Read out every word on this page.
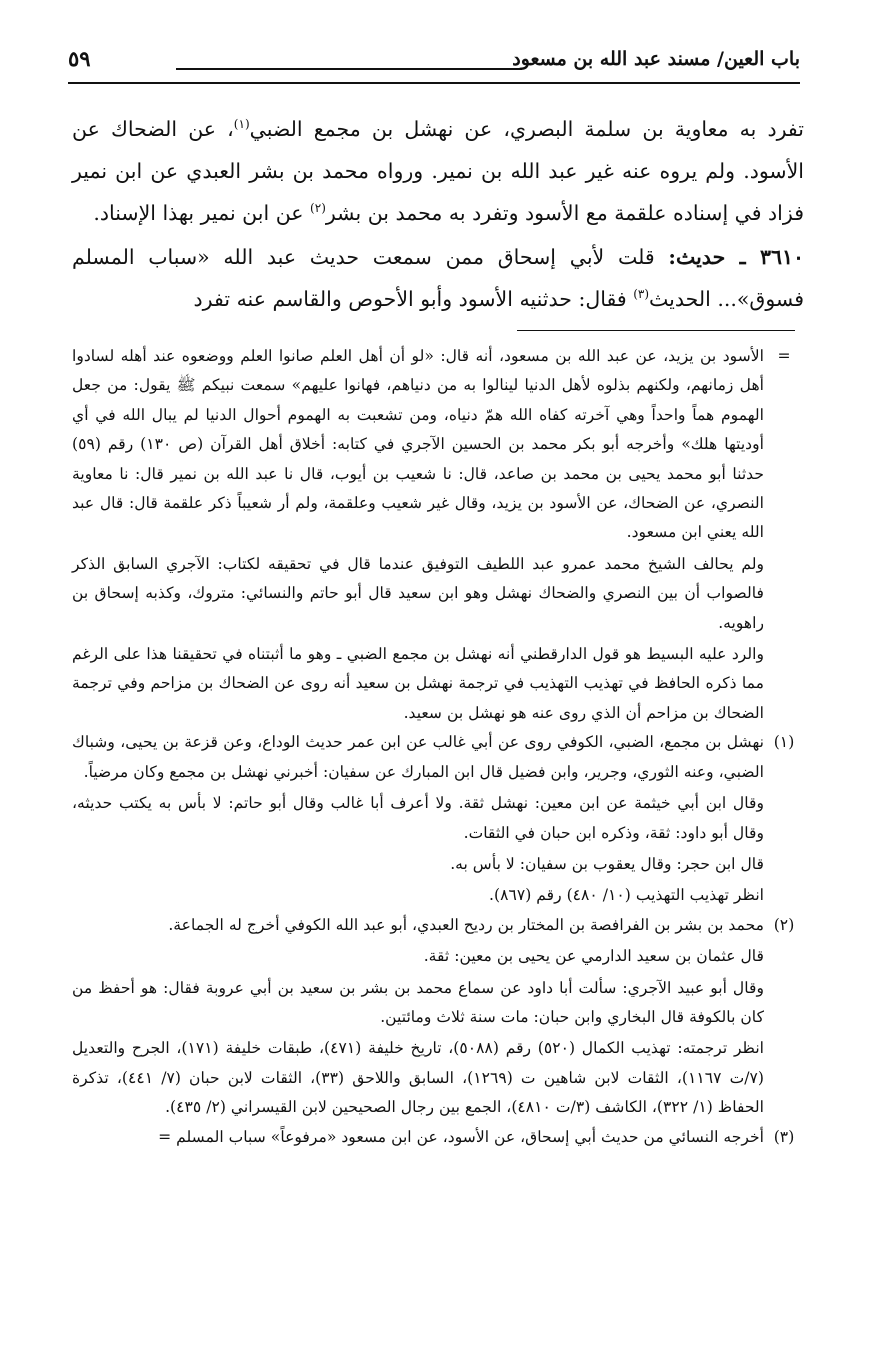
باب العين/ مسند عبد الله بن مسعود
٥٩

تفرد به معاوية بن سلمة البصري، عن نهشل بن مجمع الضبي$^{(١)}$، عن الضحاك عن الأسود. ولم يروه عنه غير عبد الله بن نمير. ورواه محمد بن بشر العبدي عن ابن نمير فزاد في إسناده علقمة مع الأسود وتفرد به محمد بن بشر$^{(٢)}$ عن ابن نمير بهذا الإسناد.

٣٦١٠ ـ حديث: قلت لأبي إسحاق ممن سمعت حديث عبد الله «سباب المسلم فسوق»... الحديث$^{(٣)}$ فقال: حدثنيه الأسود وأبو الأحوص والقاسم عنه تفرد

=

الأسود بن يزيد، عن عبد الله بن مسعود، أنه قال: «لو أن أهل العلم صانوا العلم ووضعوه عند أهله لسادوا أهل زمانهم، ولكنهم بذلوه لأهل الدنيا لينالوا به من دنياهم، فهانوا عليهم» سمعت نبيكم ﷺ يقول: من جعل الهموم هماً واحداً وهي آخرته كفاه الله همّ دنياه، ومن تشعبت به الهموم أحوال الدنيا لم يبال الله في أي أوديتها هلك» وأخرجه أبو بكر محمد بن الحسين الآجري في كتابه: أخلاق أهل القرآن (ص ١٣٠) رقم (٥٩) حدثنا أبو محمد يحيى بن محمد بن صاعد، قال: نا شعيب بن أيوب، قال نا عبد الله بن نمير قال: نا معاوية النصري، عن الضحاك، عن الأسود بن يزيد، وقال غير شعيب وعلقمة، ولم أر شعيباً ذكر علقمة قال: قال عبد الله يعني ابن مسعود.

ولم يحالف الشيخ محمد عمرو عبد اللطيف التوفيق عندما قال في تحقيقه لكتاب: الآجري السابق الذكر فالصواب أن بين النصري والضحاك نهشل وهو ابن سعيد قال أبو حاتم والنسائي: متروك، وكذبه إسحاق بن راهويه.

والرد عليه البسيط هو قول الدارقطني أنه نهشل بن مجمع الضبي ـ وهو ما أثبتناه في تحقيقنا هذا على الرغم مما ذكره الحافظ في تهذيب التهذيب في ترجمة نهشل بن سعيد أنه روى عن الضحاك بن مزاحم وفي ترجمة الضحاك بن مزاحم أن الذي روى عنه هو نهشل بن سعيد.

(١)

نهشل بن مجمع، الضبي، الكوفي روى عن أبي غالب عن ابن عمر حديث الوداع، وعن قزعة بن يحيى، وشباك الضبي، وعنه الثوري، وجرير، وابن فضيل قال ابن المبارك عن سفيان: أخبرني نهشل بن مجمع وكان مرضياً.

وقال ابن أبي خيثمة عن ابن معين: نهشل ثقة. ولا أعرف أبا غالب وقال أبو حاتم: لا بأس به يكتب حديثه، وقال أبو داود: ثقة، وذكره ابن حبان في الثقات.

قال ابن حجر: وقال يعقوب بن سفيان: لا بأس به.

انظر تهذيب التهذيب (١٠/ ٤٨٠) رقم (٨٦٧).

(٢)

محمد بن بشر بن الفرافصة بن المختار بن رديح العبدي، أبو عبد الله الكوفي أخرج له الجماعة.

قال عثمان بن سعيد الدارمي عن يحيى بن معين: ثقة.

وقال أبو عبيد الآجري: سألت أبا داود عن سماع محمد بن بشر بن سعيد بن أبي عروبة فقال: هو أحفظ من كان بالكوفة قال البخاري وابن حبان: مات سنة ثلاث ومائتين.

انظر ترجمته: تهذيب الكمال (٥٢٠) رقم (٥٠٨٨)، تاريخ خليفة (٤٧١)، طبقات خليفة (١٧١)، الجرح والتعديل (٧/ت ١١٦٧)، الثقات لابن شاهين ت (١٢٦٩)، السابق واللاحق (٣٣)، الثقات لابن حبان (٧/ ٤٤١)، تذكرة الحفاظ (١/ ٣٢٢)، الكاشف (٣/ت ٤٨١٠)، الجمع بين رجال الصحيحين لابن القيسراني (٢/ ٤٣٥).

(٣)

أخرجه النسائي من حديث أبي إسحاق، عن الأسود، عن ابن مسعود «مرفوعاً» سباب المسلم =
